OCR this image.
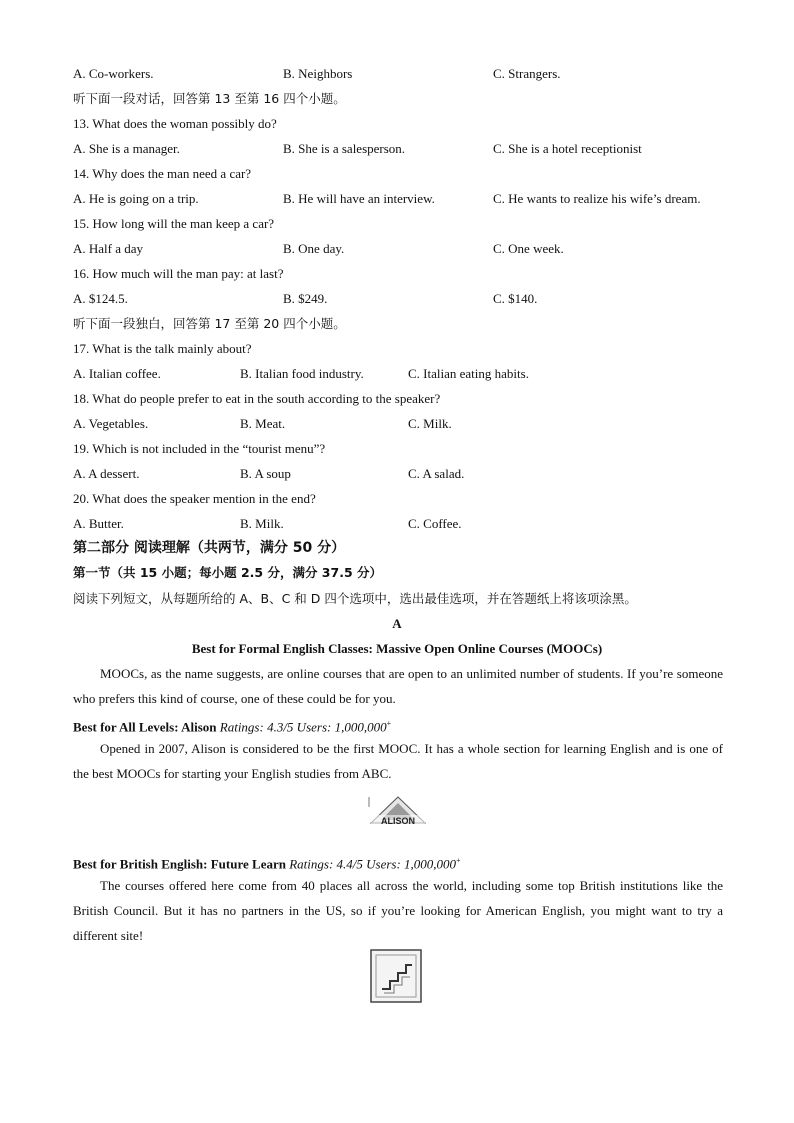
A. Co-workers.	B. Neighbors	C. Strangers.
听下面一段对话，回答第 13 至第 16 四个小题。
13. What does the woman possibly do?
A. She is a manager.	B. She is a salesperson.	C. She is a hotel receptionist
14. Why does the man need a car?
A. He is going on a trip.	B. He will have an interview.	C. He wants to realize his wife’s dream.
15. How long will the man keep a car?
A. Half a day	B. One day.	C. One week.
16. How much will the man pay: at last?
A. $124.5.	B. $249.	C. $140.
听下面一段独白，回答第 17 至第 20 四个小题。
17. What is the talk mainly about?
A. Italian coffee.	B. Italian food industry.	C. Italian eating habits.
18. What do people prefer to eat in the south according to the speaker?
A. Vegetables.	B. Meat.	C. Milk.
19. Which is not included in the “tourist menu”?
A. A dessert.	B. A soup	C. A salad.
20. What does the speaker mention in the end?
A. Butter.	B. Milk.	C. Coffee.
第二部分 阅读理解（共两节，满分 50 分）
第一节（共 15 小题；每小题 2.5 分，满分 37.5 分）
阅读下列短文，从每题所给的 A、B、C 和 D 四个选项中，选出最佳选项，并在答题纸上将该项涂黑。
A
Best for Formal English Classes: Massive Open Online Courses (MOOCs)
MOOCs, as the name suggests, are online courses that are open to an unlimited number of students. If you’re someone who prefers this kind of course, one of these could be for you.
Best for All Levels: Alison Ratings: 4.3/5 Users: 1,000,000+
Opened in 2007, Alison is considered to be the first MOOC. It has a whole section for learning English and is one of the best MOOCs for starting your English studies from ABC.
ALISON
Best for British English: Future Learn Ratings: 4.4/5 Users: 1,000,000+
The courses offered here come from 40 places all across the world, including some top British institutions like the British Council. But it has no partners in the US, so if you’re looking for American English, you might want to try a different site!
